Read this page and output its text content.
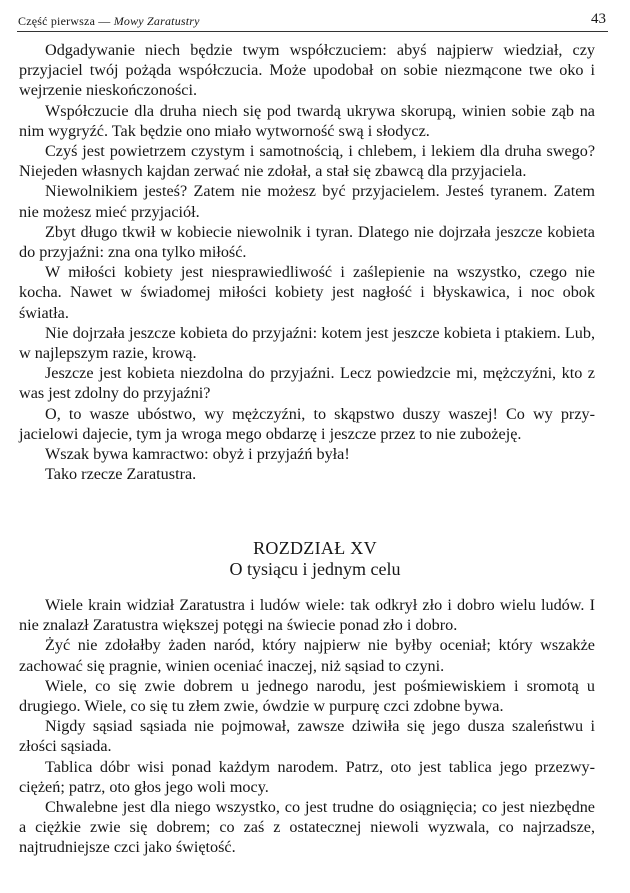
Część pierwsza — Mowy Zaratustry	43

Odgadywanie niech będzie twym współczuciem: abyś najpierw wiedział, czy przyjaciel twój pożąda współczucia. Może upodobał on sobie niezmącone twe oko i wejrzenie nieskończoności.

Współczucie dla druha niech się pod twardą ukrywa skorupą, winien sobie ząb na nim wygryźć. Tak będzie ono miało wytworność swą i słodycz.

Czyś jest powietrzem czystym i samotnością, i chlebem, i lekiem dla druha swego? Niejeden własnych kajdan zerwać nie zdołał, a stał się zbawcą dla przyjaciela.

Niewolnikiem jesteś? Zatem nie możesz być przyjacielem. Jesteś tyranem. Zatem nie możesz mieć przyjaciół.

Zbyt długo tkwił w kobiecie niewolnik i tyran. Dlatego nie dojrzała jeszcze kobieta do przyjaźni: zna ona tylko miłość.

W miłości kobiety jest niesprawiedliwość i zaślepienie na wszystko, czego nie kocha. Nawet w świadomej miłości kobiety jest nagłość i błyskawica, i noc obok światła.

Nie dojrzała jeszcze kobieta do przyjaźni: kotem jest jeszcze kobieta i ptakiem. Lub, w najlepszym razie, krową.

Jeszcze jest kobieta niezdolna do przyjaźni. Lecz powiedzcie mi, mężczyźni, kto z was jest zdolny do przyjaźni?

O, to wasze ubóstwo, wy mężczyźni, to skąpstwo duszy waszej! Co wy przyjacielowi dajecie, tym ja wroga mego obdarzę i jeszcze przez to nie zubożeję.

Wszak bywa kamractwo: obyż i przyjaźń była!

Tako rzecze Zaratustra.

ROZDZIAŁ XV
O tysiącu i jednym celu

Wiele krain widział Zaratustra i ludów wiele: tak odkrył zło i dobro wielu ludów. I nie znalazł Zaratustra większej potęgi na świecie ponad zło i dobro.

Żyć nie zdołałby żaden naród, który najpierw nie byłby oceniał; który wszakże zachować się pragnie, winien oceniać inaczej, niż sąsiad to czyni.

Wiele, co się zwie dobrem u jednego narodu, jest pośmiewiskiem i sromotą u drugiego. Wiele, co się tu złem zwie, ówdzie w purpurę czci zdobne bywa.

Nigdy sąsiad sąsiada nie pojmował, zawsze dziwiła się jego dusza szaleństwu i złości sąsiada.

Tablica dóbr wisi ponad każdym narodem. Patrz, oto jest tablica jego przezwyciężeń; patrz, oto głos jego woli mocy.

Chwalebne jest dla niego wszystko, co jest trudne do osiągnięcia; co jest niezbędne a ciężkie zwie się dobrem; co zaś z ostatecznej niewoli wyzwala, co najrzadsze, najtrudniejsze czci jako świętość.
